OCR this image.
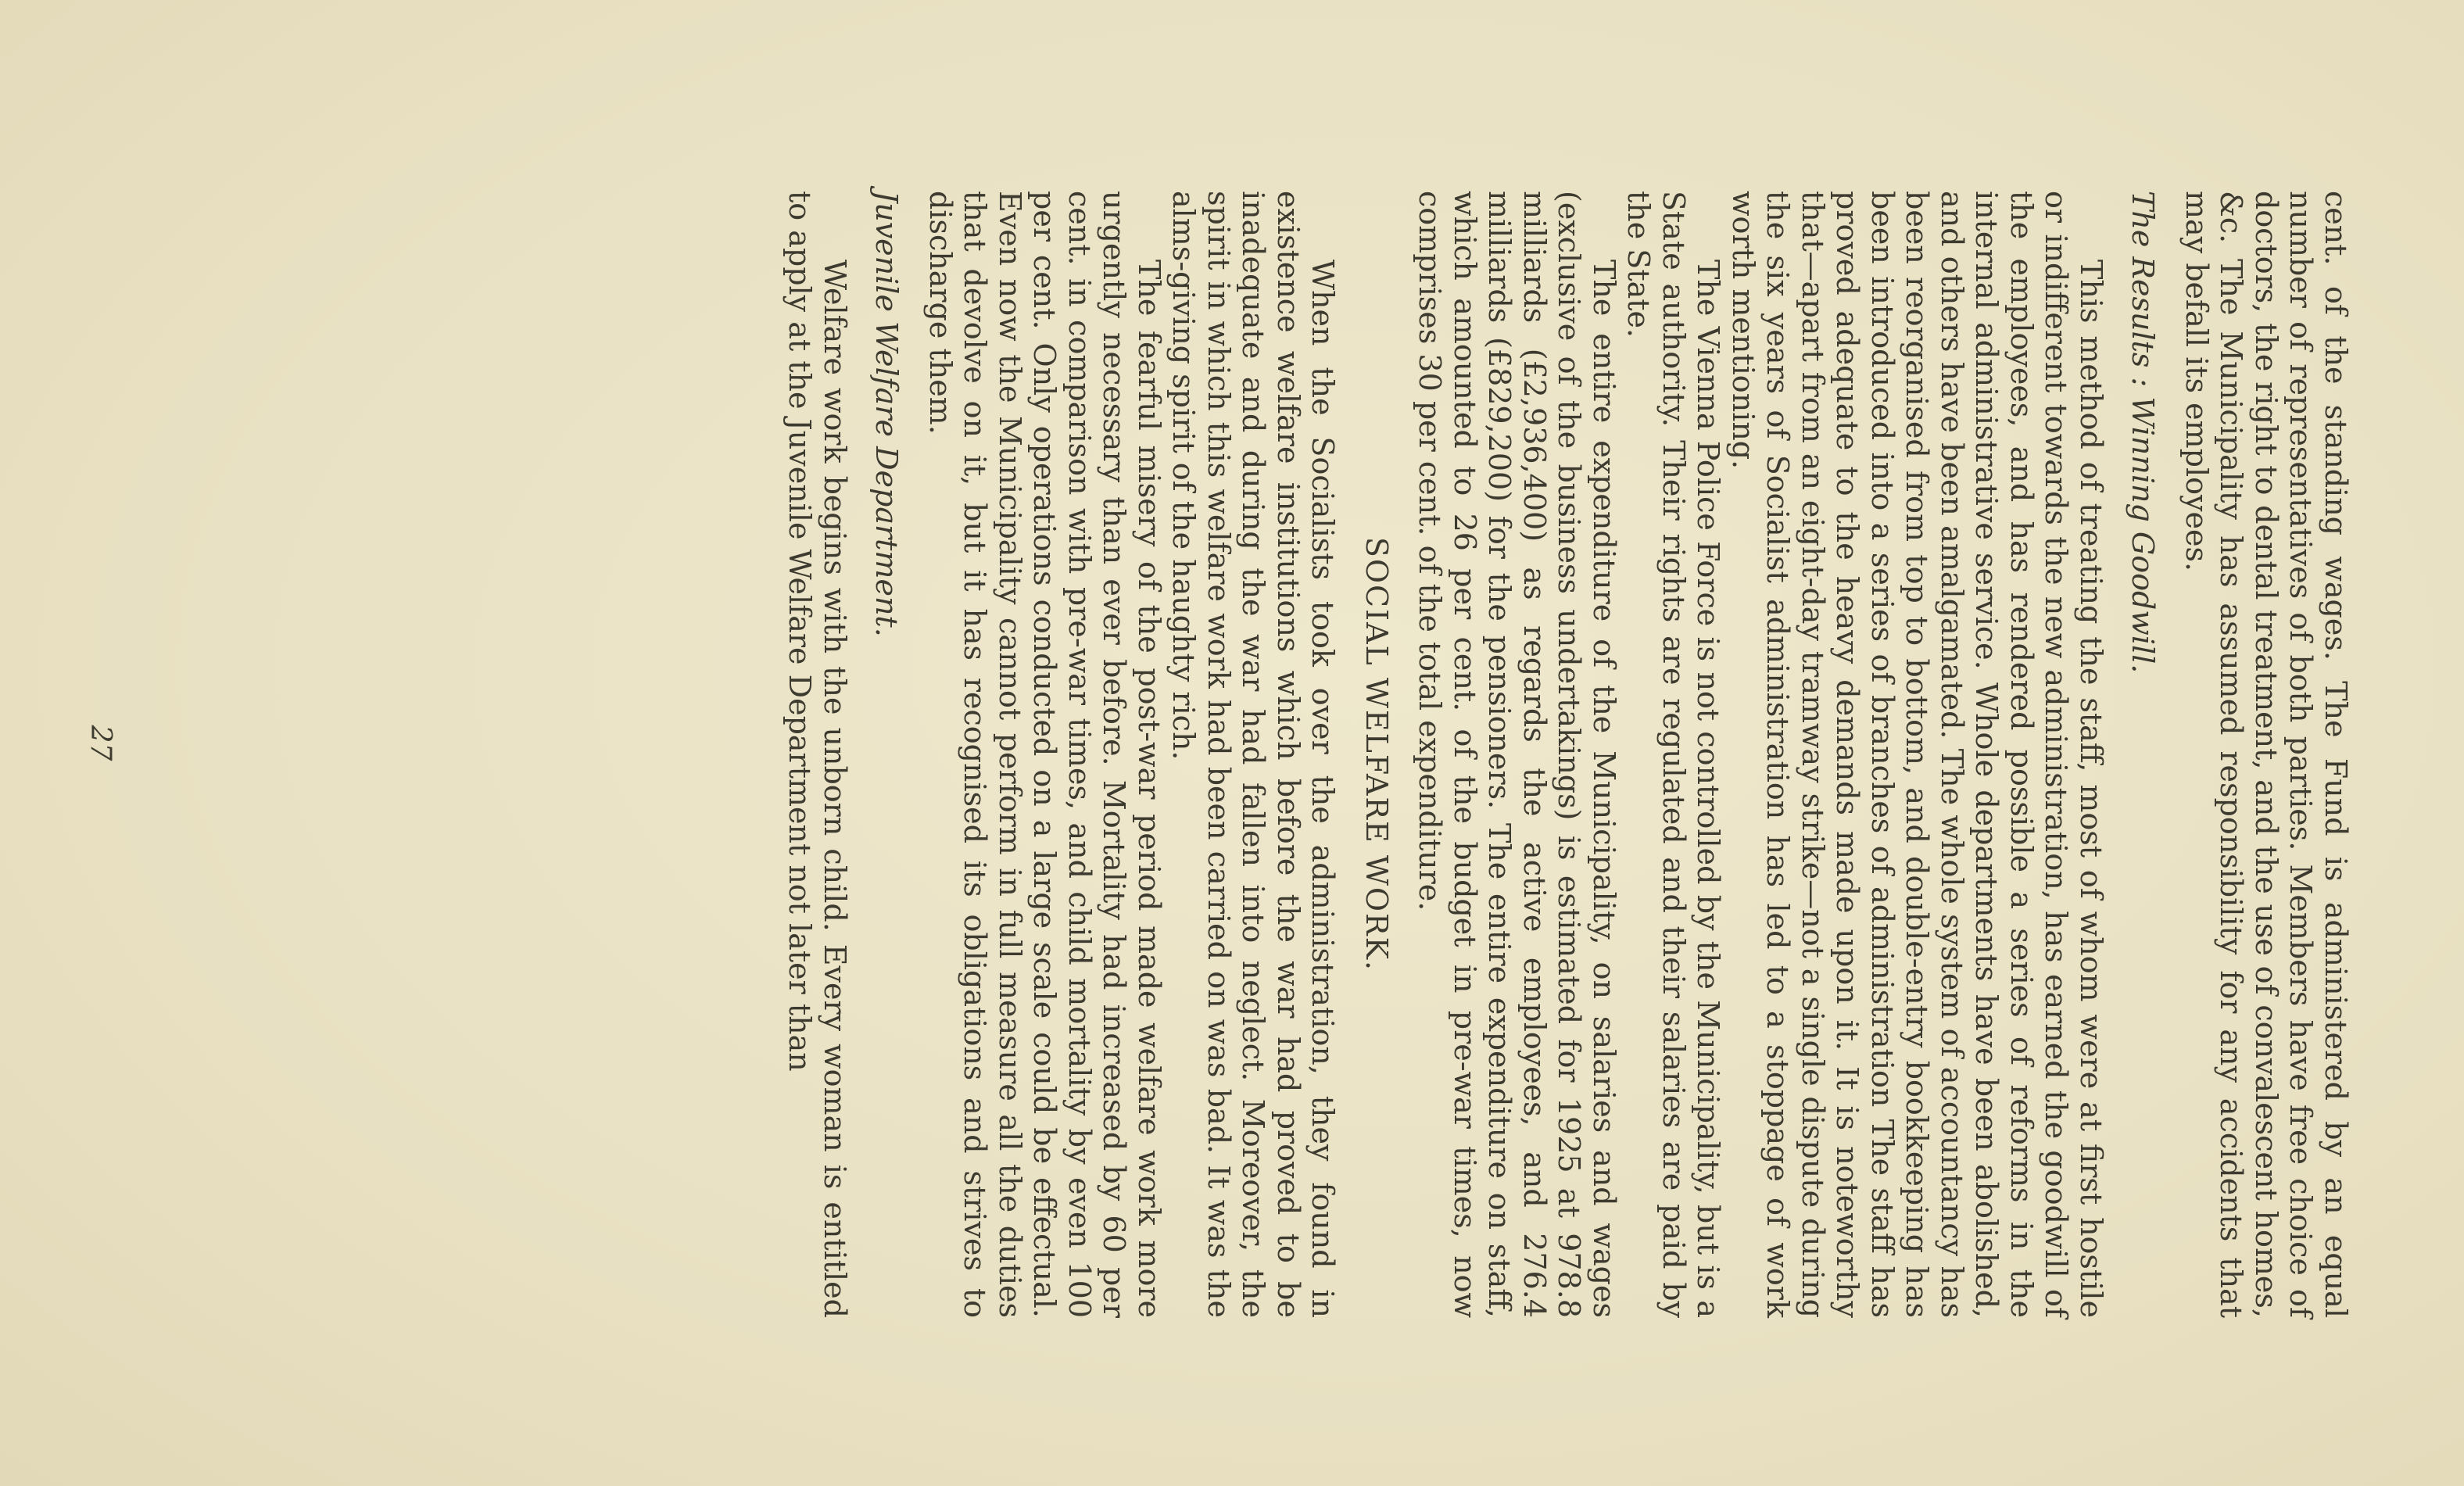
cent. of the standing wages. The Fund is administered by an equal number of representatives of both parties. Members have free choice of doctors, the right to dental treatment, and the use of convalescent homes, &c. The Municipality has assumed responsibility for any accidents that may befall its employees.

The Results : Winning Goodwill.

This method of treating the staff, most of whom were at first hostile or indifferent towards the new administration, has earned the goodwill of the employees, and has rendered possible a series of reforms in the internal administrative service. Whole departments have been abolished, and others have been amalgamated. The whole system of accountancy has been reorganised from top to bottom, and double-entry bookkeeping has been introduced into a series of branches of administration The staff has proved adequate to the heavy demands made upon it. It is noteworthy that—apart from an eight-day tramway strike—not a single dispute during the six years of Socialist administration has led to a stoppage of work worth mentioning.

The Vienna Police Force is not controlled by the Municipality, but is a State authority. Their rights are regulated and their salaries are paid by the State.

The entire expenditure of the Municipality, on salaries and wages (exclusive of the business undertakings) is estimated for 1925 at 978.8 milliards (£2,936,400) as regards the active employees, and 276.4 milliards (£829,200) for the pensioners. The entire expenditure on staff, which amounted to 26 per cent. of the budget in pre-war times, now comprises 30 per cent. of the total expenditure.

SOCIAL WELFARE WORK.

When the Socialists took over the administration, they found in existence welfare institutions which before the war had proved to be inadequate and during the war had fallen into neglect. Moreover, the spirit in which this welfare work had been carried on was bad. It was the alms-giving spirit of the haughty rich.

The fearful misery of the post-war period made welfare work more urgently necessary than ever before. Mortality had increased by 60 per cent. in comparison with pre-war times, and child mortality by even 100 per cent. Only operations conducted on a large scale could be effectual. Even now the Municipality cannot perform in full measure all the duties that devolve on it, but it has recognised its obligations and strives to discharge them.

Juvenile Welfare Department.

Welfare work begins with the unborn child. Every woman is entitled to apply at the Juvenile Welfare Department not later than

27
